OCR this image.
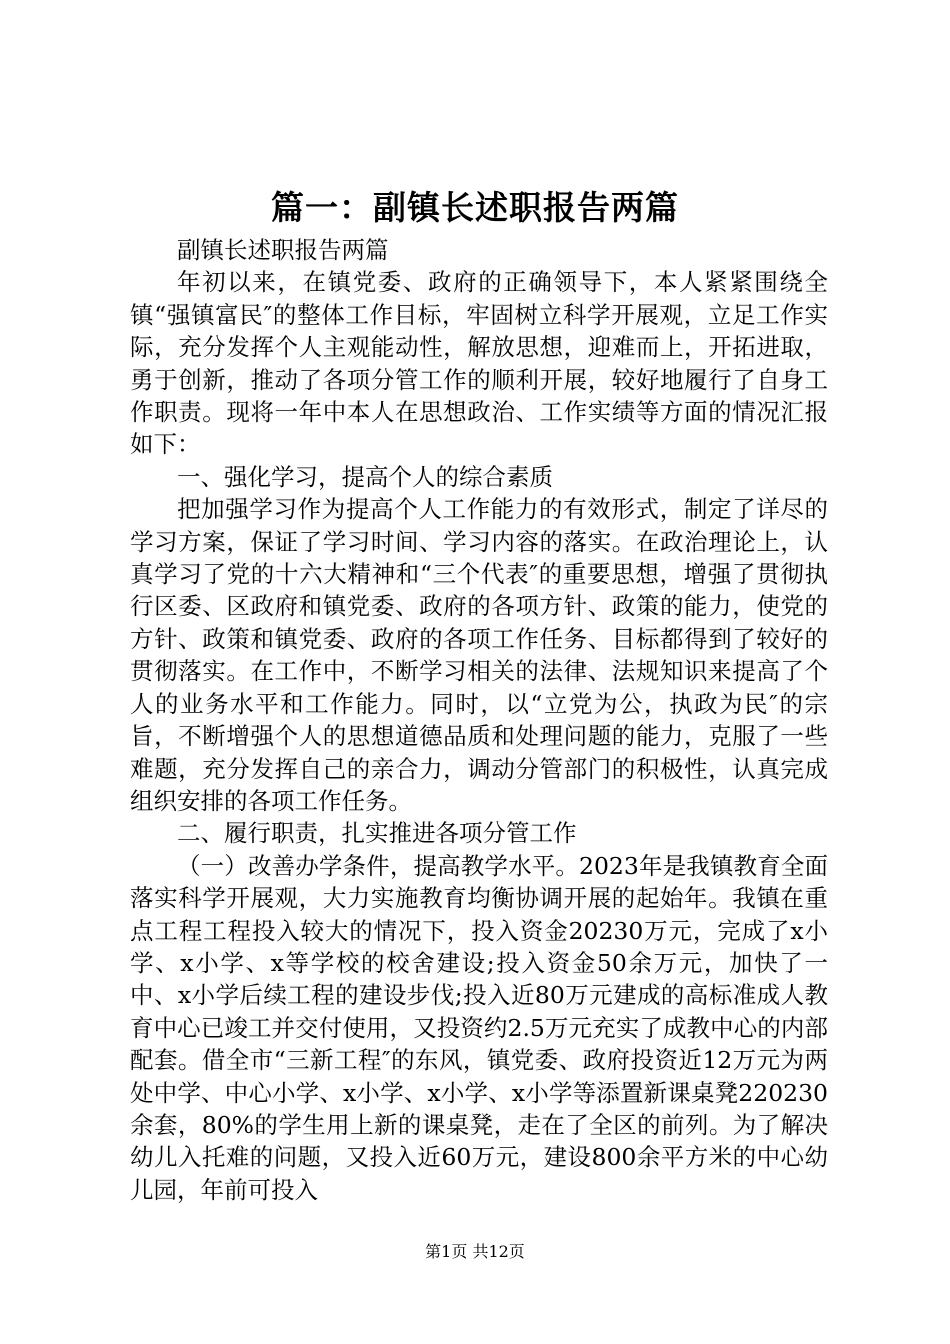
篇一：副镇长述职报告两篇

副镇长述职报告两篇

年初以来，在镇党委、政府的正确领导下，本人紧紧围绕全镇“强镇富民″的整体工作目标，牢固树立科学开展观，立足工作实际，充分发挥个人主观能动性，解放思想，迎难而上，开拓进取，勇于创新，推动了各项分管工作的顺利开展，较好地履行了自身工作职责。现将一年中本人在思想政治、工作实绩等方面的情况汇报如下：

一、强化学习，提高个人的综合素质

把加强学习作为提高个人工作能力的有效形式，制定了详尽的学习方案，保证了学习时间、学习内容的落实。在政治理论上，认真学习了党的十六大精神和“三个代表″的重要思想，增强了贯彻执行区委、区政府和镇党委、政府的各项方针、政策的能力，使党的方针、政策和镇党委、政府的各项工作任务、目标都得到了较好的贯彻落实。在工作中，不断学习相关的法律、法规知识来提高了个人的业务水平和工作能力。同时，以“立党为公，执政为民″的宗旨，不断增强个人的思想道德品质和处理问题的能力，克服了一些难题，充分发挥自己的亲合力，调动分管部门的积极性，认真完成组织安排的各项工作任务。

二、履行职责，扎实推进各项分管工作

（一）改善办学条件，提高教学水平。2023年是我镇教育全面落实科学开展观，大力实施教育均衡协调开展的起始年。我镇在重点工程工程投入较大的情况下，投入资金20230万元，完成了x小学、x小学、x等学校的校舍建设;投入资金50余万元，加快了一中、x小学后续工程的建设步伐;投入近80万元建成的高标准成人教育中心已竣工并交付使用，又投资约2.5万元充实了成教中心的内部配套。借全市“三新工程″的东风，镇党委、政府投资近12万元为两处中学、中心小学、x小学、x小学、x小学等添置新课桌凳220230余套，80%的学生用上新的课桌凳，走在了全区的前列。为了解决幼儿入托难的问题，又投入近60万元，建设800余平方米的中心幼儿园，年前可投入

第1页 共12页
